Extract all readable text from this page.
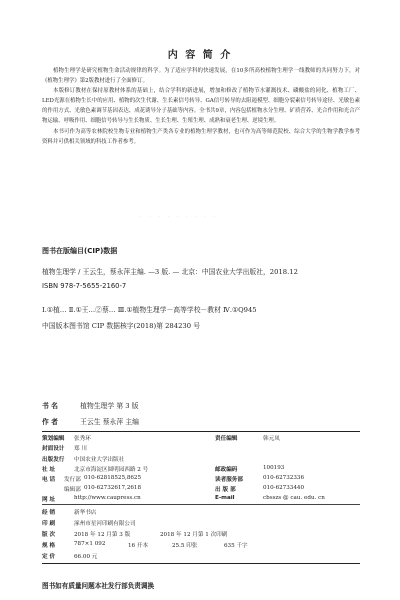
内 容 简 介

植物生理学是研究植物生命活动规律的科学。为了适应学科的快速发展，在10多所高校植物生理学一线教师的共同努力下，对《植物生理学》第2版教材进行了全面修订。

本版修订教材在保持原教材体系的基础上，结合学科的新进展，增加和修改了植物节水灌溉技术、磷酸盐的同化、植物工厂、LED光源在植物生长中的应用、植物的次生代谢、生长素信号转导、GA信号转导的去阻遏模型、细胞分裂素信号转导途径、光敏色素的作用方式、光敏色素调节基因表达、成花诱导分子基础等内容。全书共9章，内容包括植物水分生理、矿质营养、光合作用和光合产物运输、呼吸作用、细胞信号转导与生长物质、生长生理、生殖生理、成熟和衰老生理、逆境生理。

本书可作为高等农林院校生物专业和植物生产类各专业的植物生理学教材，也可作为高等师范院校、综合大学的生物学教学参考资料并可供相关领域的科技工作者参考。

· · · · · · · · ·
图书在版编目(CIP)数据
植物生理学 / 王云生，蔡永萍主编. —3 版. — 北京：中国农业大学出版社，2018.12
ISBN 978-7-5655-2160-7
Ⅰ.①植… Ⅱ.①王…②蔡… Ⅲ.①植物生理学－高等学校－教材 Ⅳ.①Q945
中国版本图书馆 CIP 数据核字(2018)第 284230 号
书 名	植物生理学 第 3 版
作 者	王云生 蔡永萍 主编
策划编辑 张秀环	责任编辑	韩元凤
封面设计 郑 川
出版发行 中国农业大学出版社
社 址	北京市海淀区圆明园西路 2 号	邮政编码	100193
电 话 发行部 010-62818525,8625	读者服务部	010-62732336
编辑部 010-62732617,2618	出 版 部	010-62733440
网 址	http://www.caupress.cn	E-mail	cbsszs @ cau. edu. cn
经 销	新华书店
印 刷	涿州市星河印刷有限公司
版 次	2018 年 12 月第 3 版	2018 年 12 月第 1 次印刷
规 格	787×1 092	16 开本	25.5 印张	635 千字
定 价	66.00 元
图书如有质量问题本社发行部负责调换
